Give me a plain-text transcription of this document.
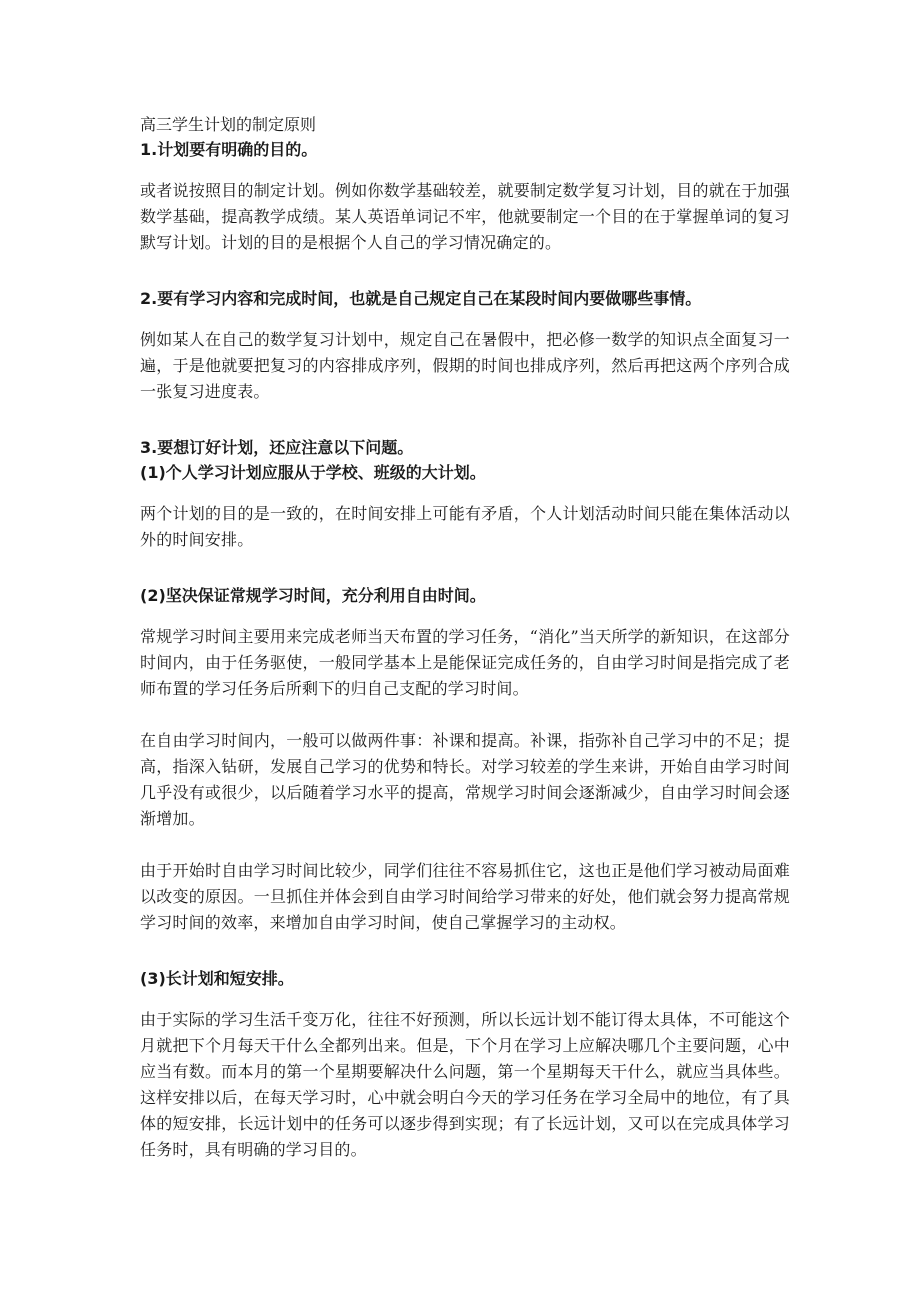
高三学生计划的制定原则
1.计划要有明确的目的。

或者说按照目的制定计划。例如你数学基础较差，就要制定数学复习计划，目的就在于加强数学基础，提高教学成绩。某人英语单词记不牢，他就要制定一个目的在于掌握单词的复习默写计划。计划的目的是根据个人自己的学习情况确定的。

2.要有学习内容和完成时间，也就是自己规定自己在某段时间内要做哪些事情。

例如某人在自己的数学复习计划中，规定自己在暑假中，把必修一数学的知识点全面复习一遍，于是他就要把复习的内容排成序列，假期的时间也排成序列，然后再把这两个序列合成一张复习进度表。

3.要想订好计划，还应注意以下问题。
(1)个人学习计划应服从于学校、班级的大计划。

两个计划的目的是一致的，在时间安排上可能有矛盾，个人计划活动时间只能在集体活动以外的时间安排。

(2)坚决保证常规学习时间，充分利用自由时间。

常规学习时间主要用来完成老师当天布置的学习任务，“消化”当天所学的新知识，在这部分时间内，由于任务驱使，一般同学基本上是能保证完成任务的，自由学习时间是指完成了老师布置的学习任务后所剩下的归自己支配的学习时间。

在自由学习时间内，一般可以做两件事：补课和提高。补课，指弥补自己学习中的不足；提高，指深入钻研，发展自己学习的优势和特长。对学习较差的学生来讲，开始自由学习时间几乎没有或很少，以后随着学习水平的提高，常规学习时间会逐渐减少，自由学习时间会逐渐增加。

由于开始时自由学习时间比较少，同学们往往不容易抓住它，这也正是他们学习被动局面难以改变的原因。一旦抓住并体会到自由学习时间给学习带来的好处，他们就会努力提高常规学习时间的效率，来增加自由学习时间，使自己掌握学习的主动权。

(3)长计划和短安排。

由于实际的学习生活千变万化，往往不好预测，所以长远计划不能订得太具体，不可能这个月就把下个月每天干什么全都列出来。但是，下个月在学习上应解决哪几个主要问题，心中应当有数。而本月的第一个星期要解决什么问题，第一个星期每天干什么，就应当具体些。这样安排以后，在每天学习时，心中就会明白今天的学习任务在学习全局中的地位，有了具体的短安排，长远计划中的任务可以逐步得到实现；有了长远计划，又可以在完成具体学习任务时，具有明确的学习目的。
